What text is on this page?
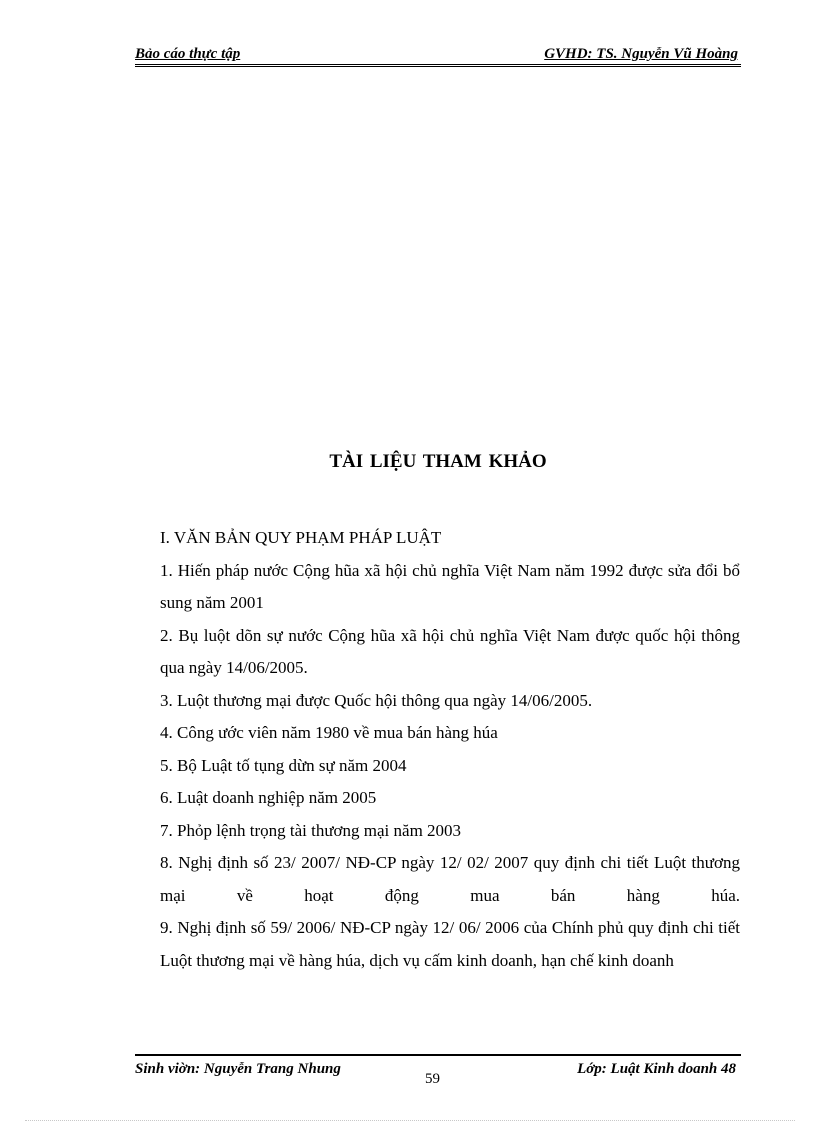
Bảo cáo thực tập	GVHD: TS. Nguyễn Vũ Hoàng
TÀI LIỆU THAM KHẢO

I. VĂN BẢN QUY PHẠM PHÁP LUẬT

1. Hiến pháp nước Cộng hũa xã hội chủ nghĩa Việt Nam năm 1992 được sửa đổi bổ sung năm 2001

2. Bụ luột dõn sự nước Cộng hũa xã hội chủ nghĩa Việt Nam được quốc hội thông qua ngày 14/06/2005.

3. Luột thương mại được Quốc hội thông qua ngày 14/06/2005.

4. Công ước viên năm 1980 về mua bán hàng húa

5. Bộ Luật tố tụng dừn sự năm 2004

6. Luật doanh nghiệp năm 2005

7. Phỏp lệnh trọng tài thương mại năm 2003

8. Nghị định số 23/ 2007/ NĐ-CP ngày 12/ 02/ 2007 quy định chi tiết Luột thương mại về hoạt động mua bán hàng húa.

9. Nghị định số 59/ 2006/ NĐ-CP ngày 12/ 06/ 2006 của Chính phủ quy định chi tiết Luột thương mại về hàng húa, dịch vụ cấm kinh doanh, hạn chế kinh doanh

Sinh viờn: Nguyễn Trang Nhung
59
Lớp: Luật Kinh doanh 48
